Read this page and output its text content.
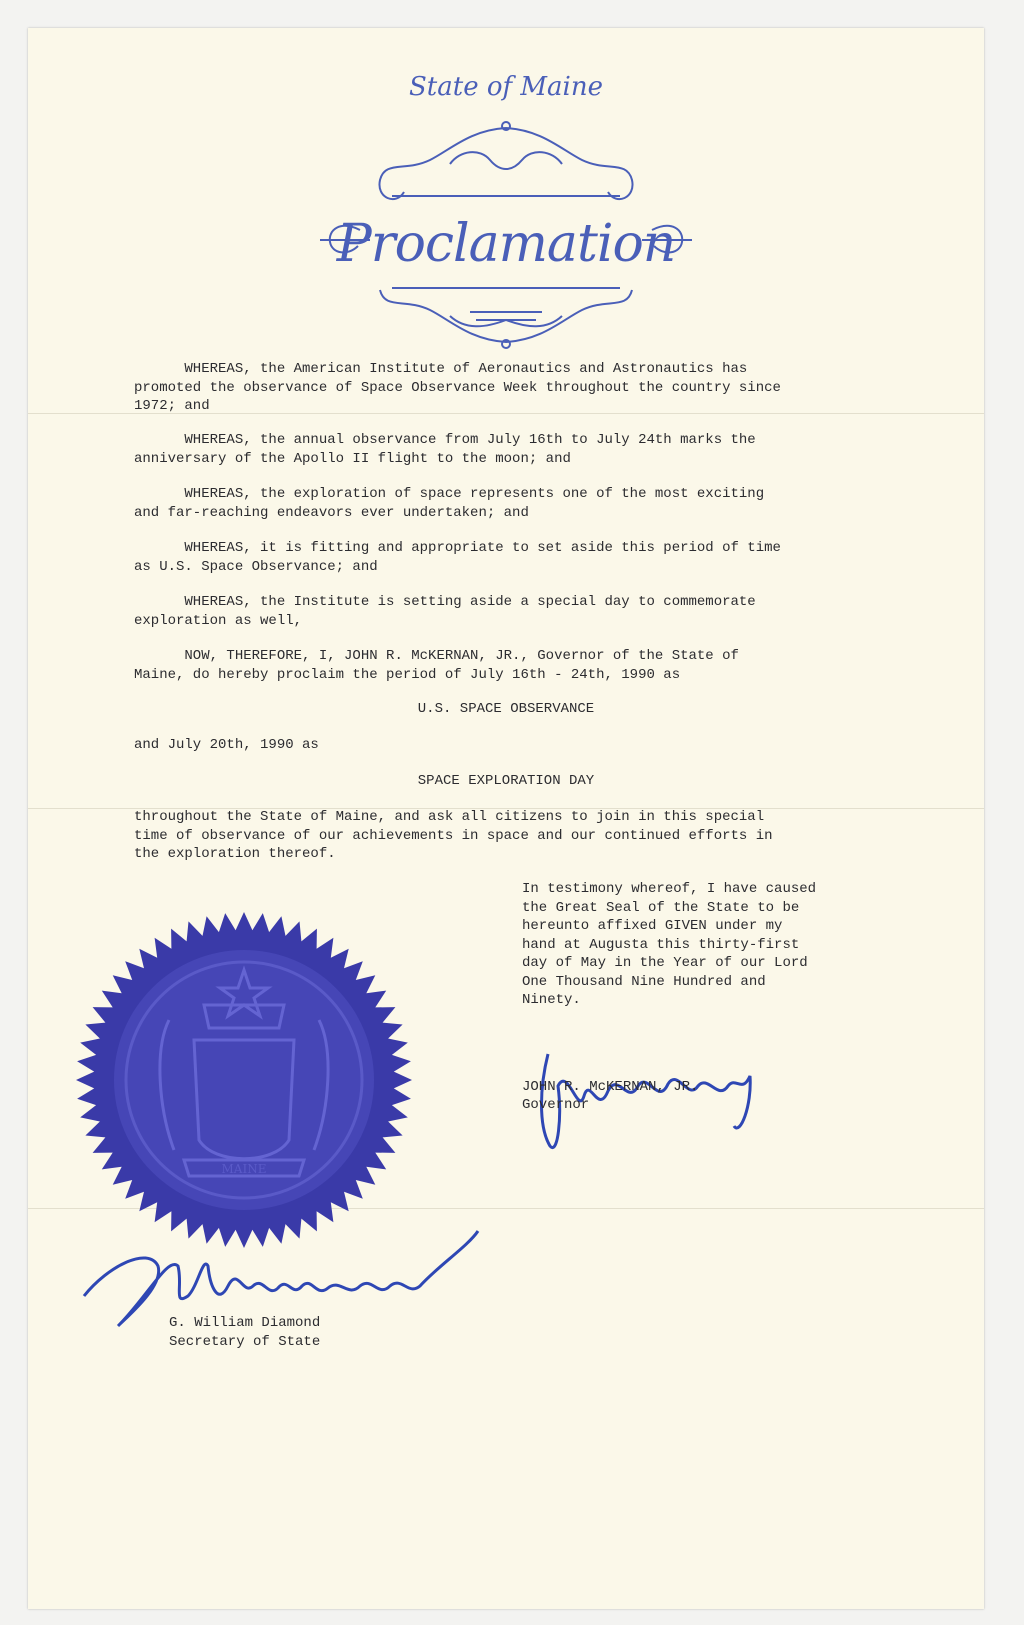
State of Maine
Proclamation
WHEREAS, the American Institute of Aeronautics and Astronautics has
promoted the observance of Space Observance Week throughout the country since
1972; and
WHEREAS, the annual observance from July 16th to July 24th marks the
anniversary of the Apollo II flight to the moon; and
WHEREAS, the exploration of space represents one of the most exciting
and far-reaching endeavors ever undertaken; and
WHEREAS, it is fitting and appropriate to set aside this period of time
as U.S. Space Observance; and
WHEREAS, the Institute is setting aside a special day to commemorate
exploration as well,
NOW, THEREFORE, I, JOHN R. McKERNAN, JR., Governor of the State of
Maine, do hereby proclaim the period of July 16th - 24th, 1990 as
U.S. SPACE OBSERVANCE
and July 20th, 1990 as
SPACE EXPLORATION DAY
throughout the State of Maine, and ask all citizens to join in this special
time of observance of our achievements in space and our continued efforts in
the exploration thereof.
In testimony whereof, I have caused
the Great Seal of the State to be
hereunto affixed GIVEN under my
hand at Augusta this thirty-first
day of May in the Year of our Lord
One Thousand Nine Hundred and
Ninety.
MAINE
JOHN R. McKERNAN, JR.
Governor
G. William Diamond
Secretary of State
